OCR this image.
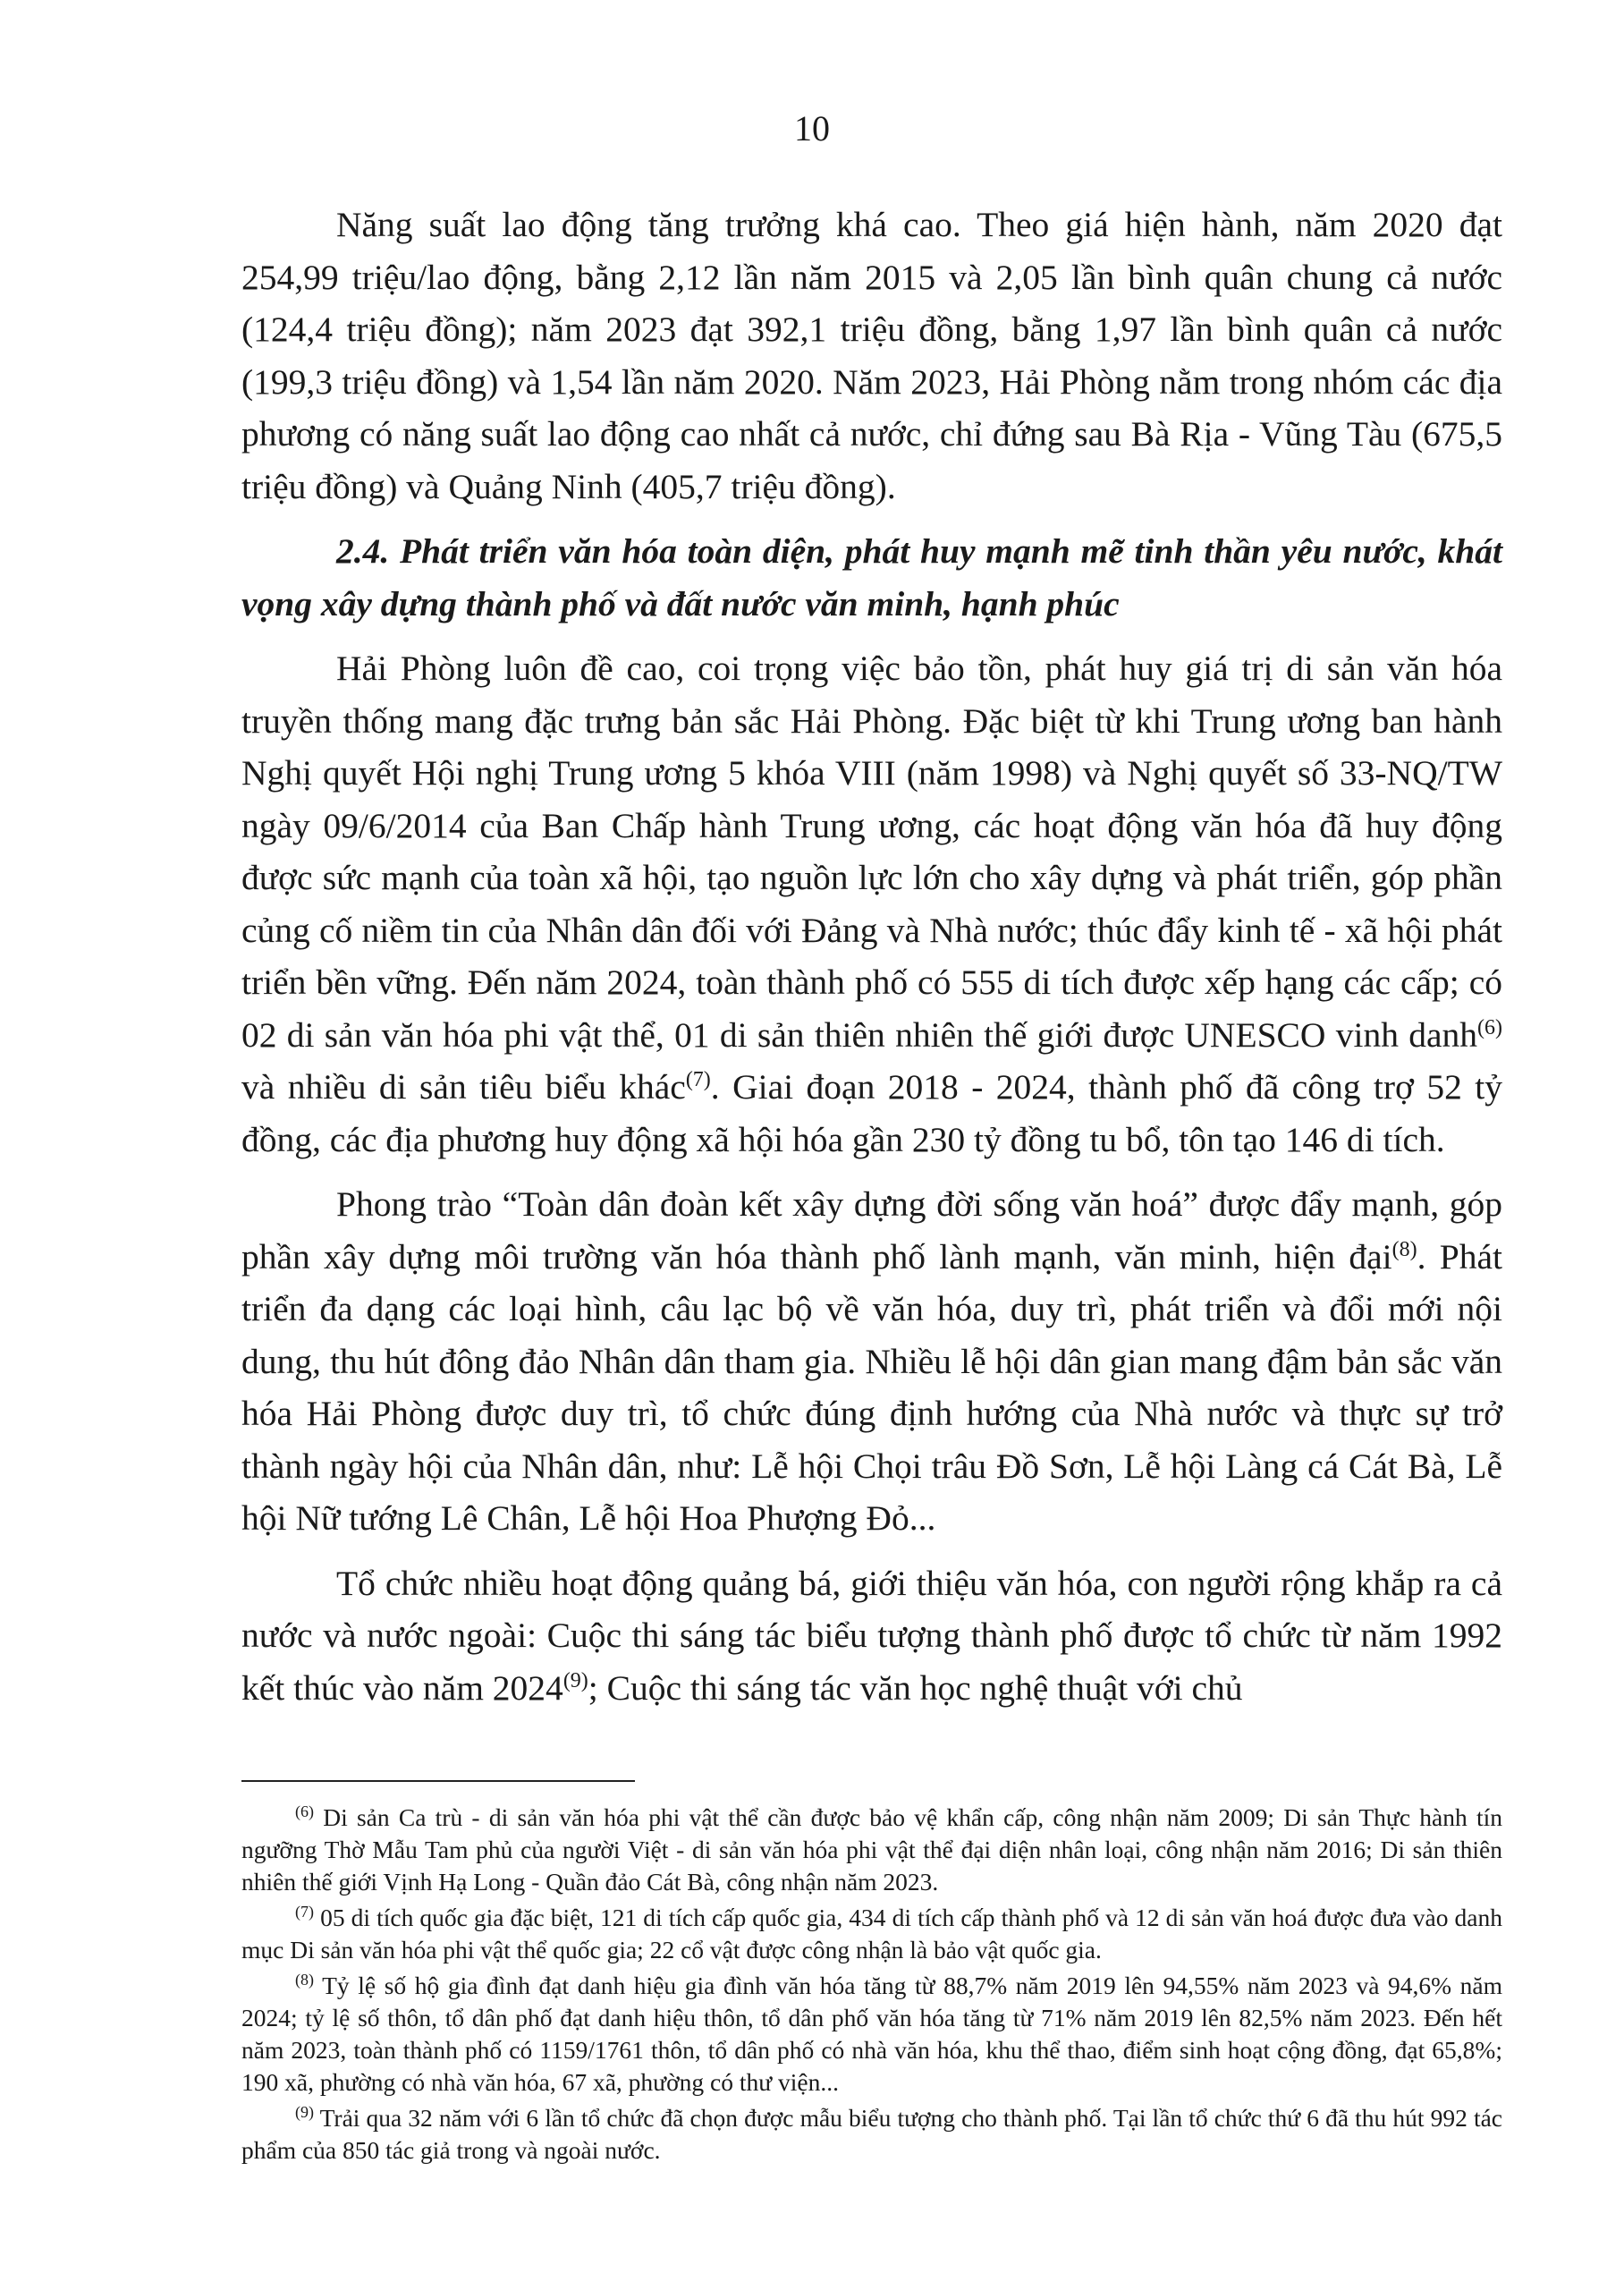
10

Năng suất lao động tăng trưởng khá cao. Theo giá hiện hành, năm 2020 đạt 254,99 triệu/lao động, bằng 2,12 lần năm 2015 và 2,05 lần bình quân chung cả nước (124,4 triệu đồng); năm 2023 đạt 392,1 triệu đồng, bằng 1,97 lần bình quân cả nước (199,3 triệu đồng) và 1,54 lần năm 2020. Năm 2023, Hải Phòng nằm trong nhóm các địa phương có năng suất lao động cao nhất cả nước, chỉ đứng sau Bà Rịa - Vũng Tàu (675,5 triệu đồng) và Quảng Ninh (405,7 triệu đồng).

2.4. Phát triển văn hóa toàn diện, phát huy mạnh mẽ tinh thần yêu nước, khát vọng xây dựng thành phố và đất nước văn minh, hạnh phúc

Hải Phòng luôn đề cao, coi trọng việc bảo tồn, phát huy giá trị di sản văn hóa truyền thống mang đặc trưng bản sắc Hải Phòng. Đặc biệt từ khi Trung ương ban hành Nghị quyết Hội nghị Trung ương 5 khóa VIII (năm 1998) và Nghị quyết số 33-NQ/TW ngày 09/6/2014 của Ban Chấp hành Trung ương, các hoạt động văn hóa đã huy động được sức mạnh của toàn xã hội, tạo nguồn lực lớn cho xây dựng và phát triển, góp phần củng cố niềm tin của Nhân dân đối với Đảng và Nhà nước; thúc đẩy kinh tế - xã hội phát triển bền vững. Đến năm 2024, toàn thành phố có 555 di tích được xếp hạng các cấp; có 02 di sản văn hóa phi vật thể, 01 di sản thiên nhiên thế giới được UNESCO vinh danh$^{(6)}$ và nhiều di sản tiêu biểu khác$^{(7)}$. Giai đoạn 2018 - 2024, thành phố đã công trợ 52 tỷ đồng, các địa phương huy động xã hội hóa gần 230 tỷ đồng tu bổ, tôn tạo 146 di tích.

Phong trào “Toàn dân đoàn kết xây dựng đời sống văn hoá” được đẩy mạnh, góp phần xây dựng môi trường văn hóa thành phố lành mạnh, văn minh, hiện đại$^{(8)}$. Phát triển đa dạng các loại hình, câu lạc bộ về văn hóa, duy trì, phát triển và đổi mới nội dung, thu hút đông đảo Nhân dân tham gia. Nhiều lễ hội dân gian mang đậm bản sắc văn hóa Hải Phòng được duy trì, tổ chức đúng định hướng của Nhà nước và thực sự trở thành ngày hội của Nhân dân, như: Lễ hội Chọi trâu Đồ Sơn, Lễ hội Làng cá Cát Bà, Lễ hội Nữ tướng Lê Chân, Lễ hội Hoa Phượng Đỏ...

Tổ chức nhiều hoạt động quảng bá, giới thiệu văn hóa, con người rộng khắp ra cả nước và nước ngoài: Cuộc thi sáng tác biểu tượng thành phố được tổ chức từ năm 1992 kết thúc vào năm 2024$^{(9)}$; Cuộc thi sáng tác văn học nghệ thuật với chủ

$^{(6)}$ Di sản Ca trù - di sản văn hóa phi vật thể cần được bảo vệ khẩn cấp, công nhận năm 2009; Di sản Thực hành tín ngưỡng Thờ Mẫu Tam phủ của người Việt - di sản văn hóa phi vật thể đại diện nhân loại, công nhận năm 2016; Di sản thiên nhiên thế giới Vịnh Hạ Long - Quần đảo Cát Bà, công nhận năm 2023.

$^{(7)}$ 05 di tích quốc gia đặc biệt, 121 di tích cấp quốc gia, 434 di tích cấp thành phố và 12 di sản văn hoá được đưa vào danh mục Di sản văn hóa phi vật thể quốc gia; 22 cổ vật được công nhận là bảo vật quốc gia.

$^{(8)}$ Tỷ lệ số hộ gia đình đạt danh hiệu gia đình văn hóa tăng từ 88,7% năm 2019 lên 94,55% năm 2023 và 94,6% năm 2024; tỷ lệ số thôn, tổ dân phố đạt danh hiệu thôn, tổ dân phố văn hóa tăng từ 71% năm 2019 lên 82,5% năm 2023. Đến hết năm 2023, toàn thành phố có 1159/1761 thôn, tổ dân phố có nhà văn hóa, khu thể thao, điểm sinh hoạt cộng đồng, đạt 65,8%; 190 xã, phường có nhà văn hóa, 67 xã, phường có thư viện...

$^{(9)}$ Trải qua 32 năm với 6 lần tổ chức đã chọn được mẫu biểu tượng cho thành phố. Tại lần tổ chức thứ 6 đã thu hút 992 tác phẩm của 850 tác giả trong và ngoài nước.
